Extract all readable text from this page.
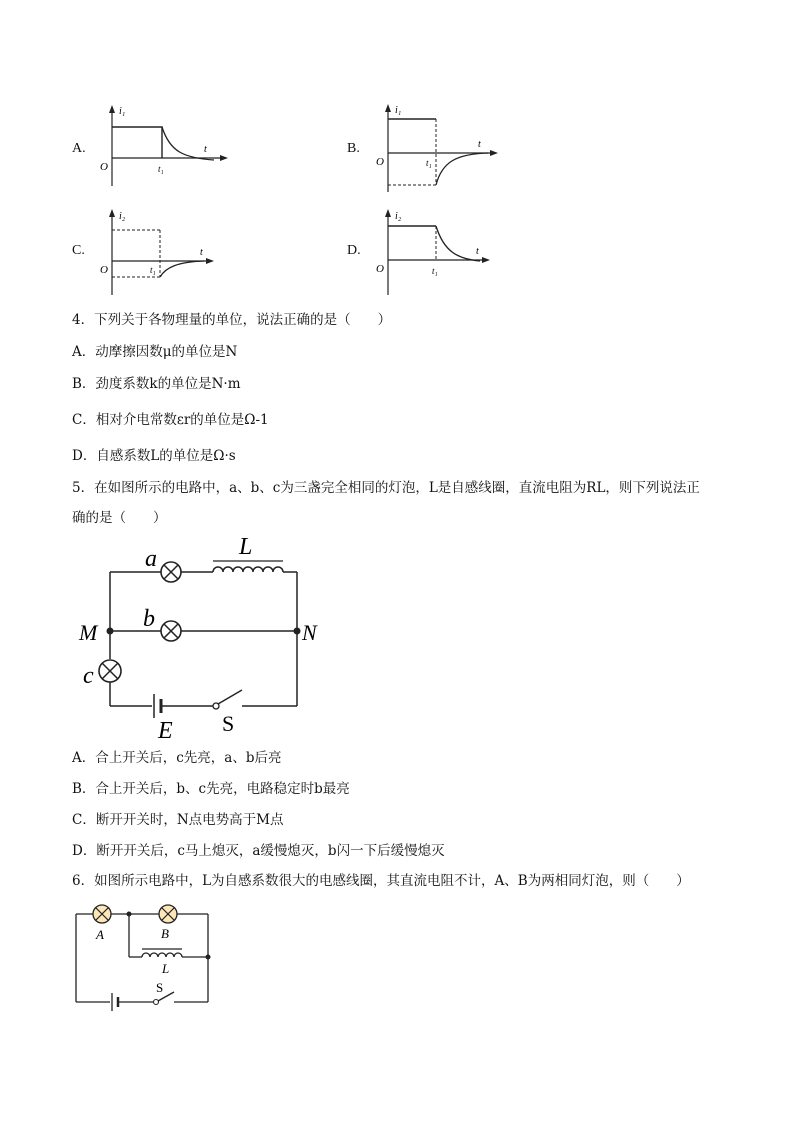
A.
i₁
t
O	t₁
B.
i₁
t
O	t₁
C.
i₂
t
O	t₁
D.
i₂
t
O	t₁
4．下列关于各物理量的单位，说法正确的是（　　）
A．动摩擦因数μ的单位是N
B．劲度系数k的单位是N·m
C．相对介电常数εr的单位是Ω-1
D．自感系数L的单位是Ω·s
5．在如图所示的电路中，a、b、c为三盏完全相同的灯泡，L是自感线圈，直流电阻为RL，则下列说法正
确的是（　　）
a	L
b
M	N
c
E S
A．合上开关后，c先亮，a、b后亮
B．合上开关后，b、c先亮，电路稳定时b最亮
C．断开开关时，N点电势高于M点
D．断开开关后，c马上熄灭，a缓慢熄灭，b闪一下后缓慢熄灭
6．如图所示电路中，L为自感系数很大的电感线圈，其直流电阻不计，A、B为两相同灯泡，则（　　）
A	B
L
S
